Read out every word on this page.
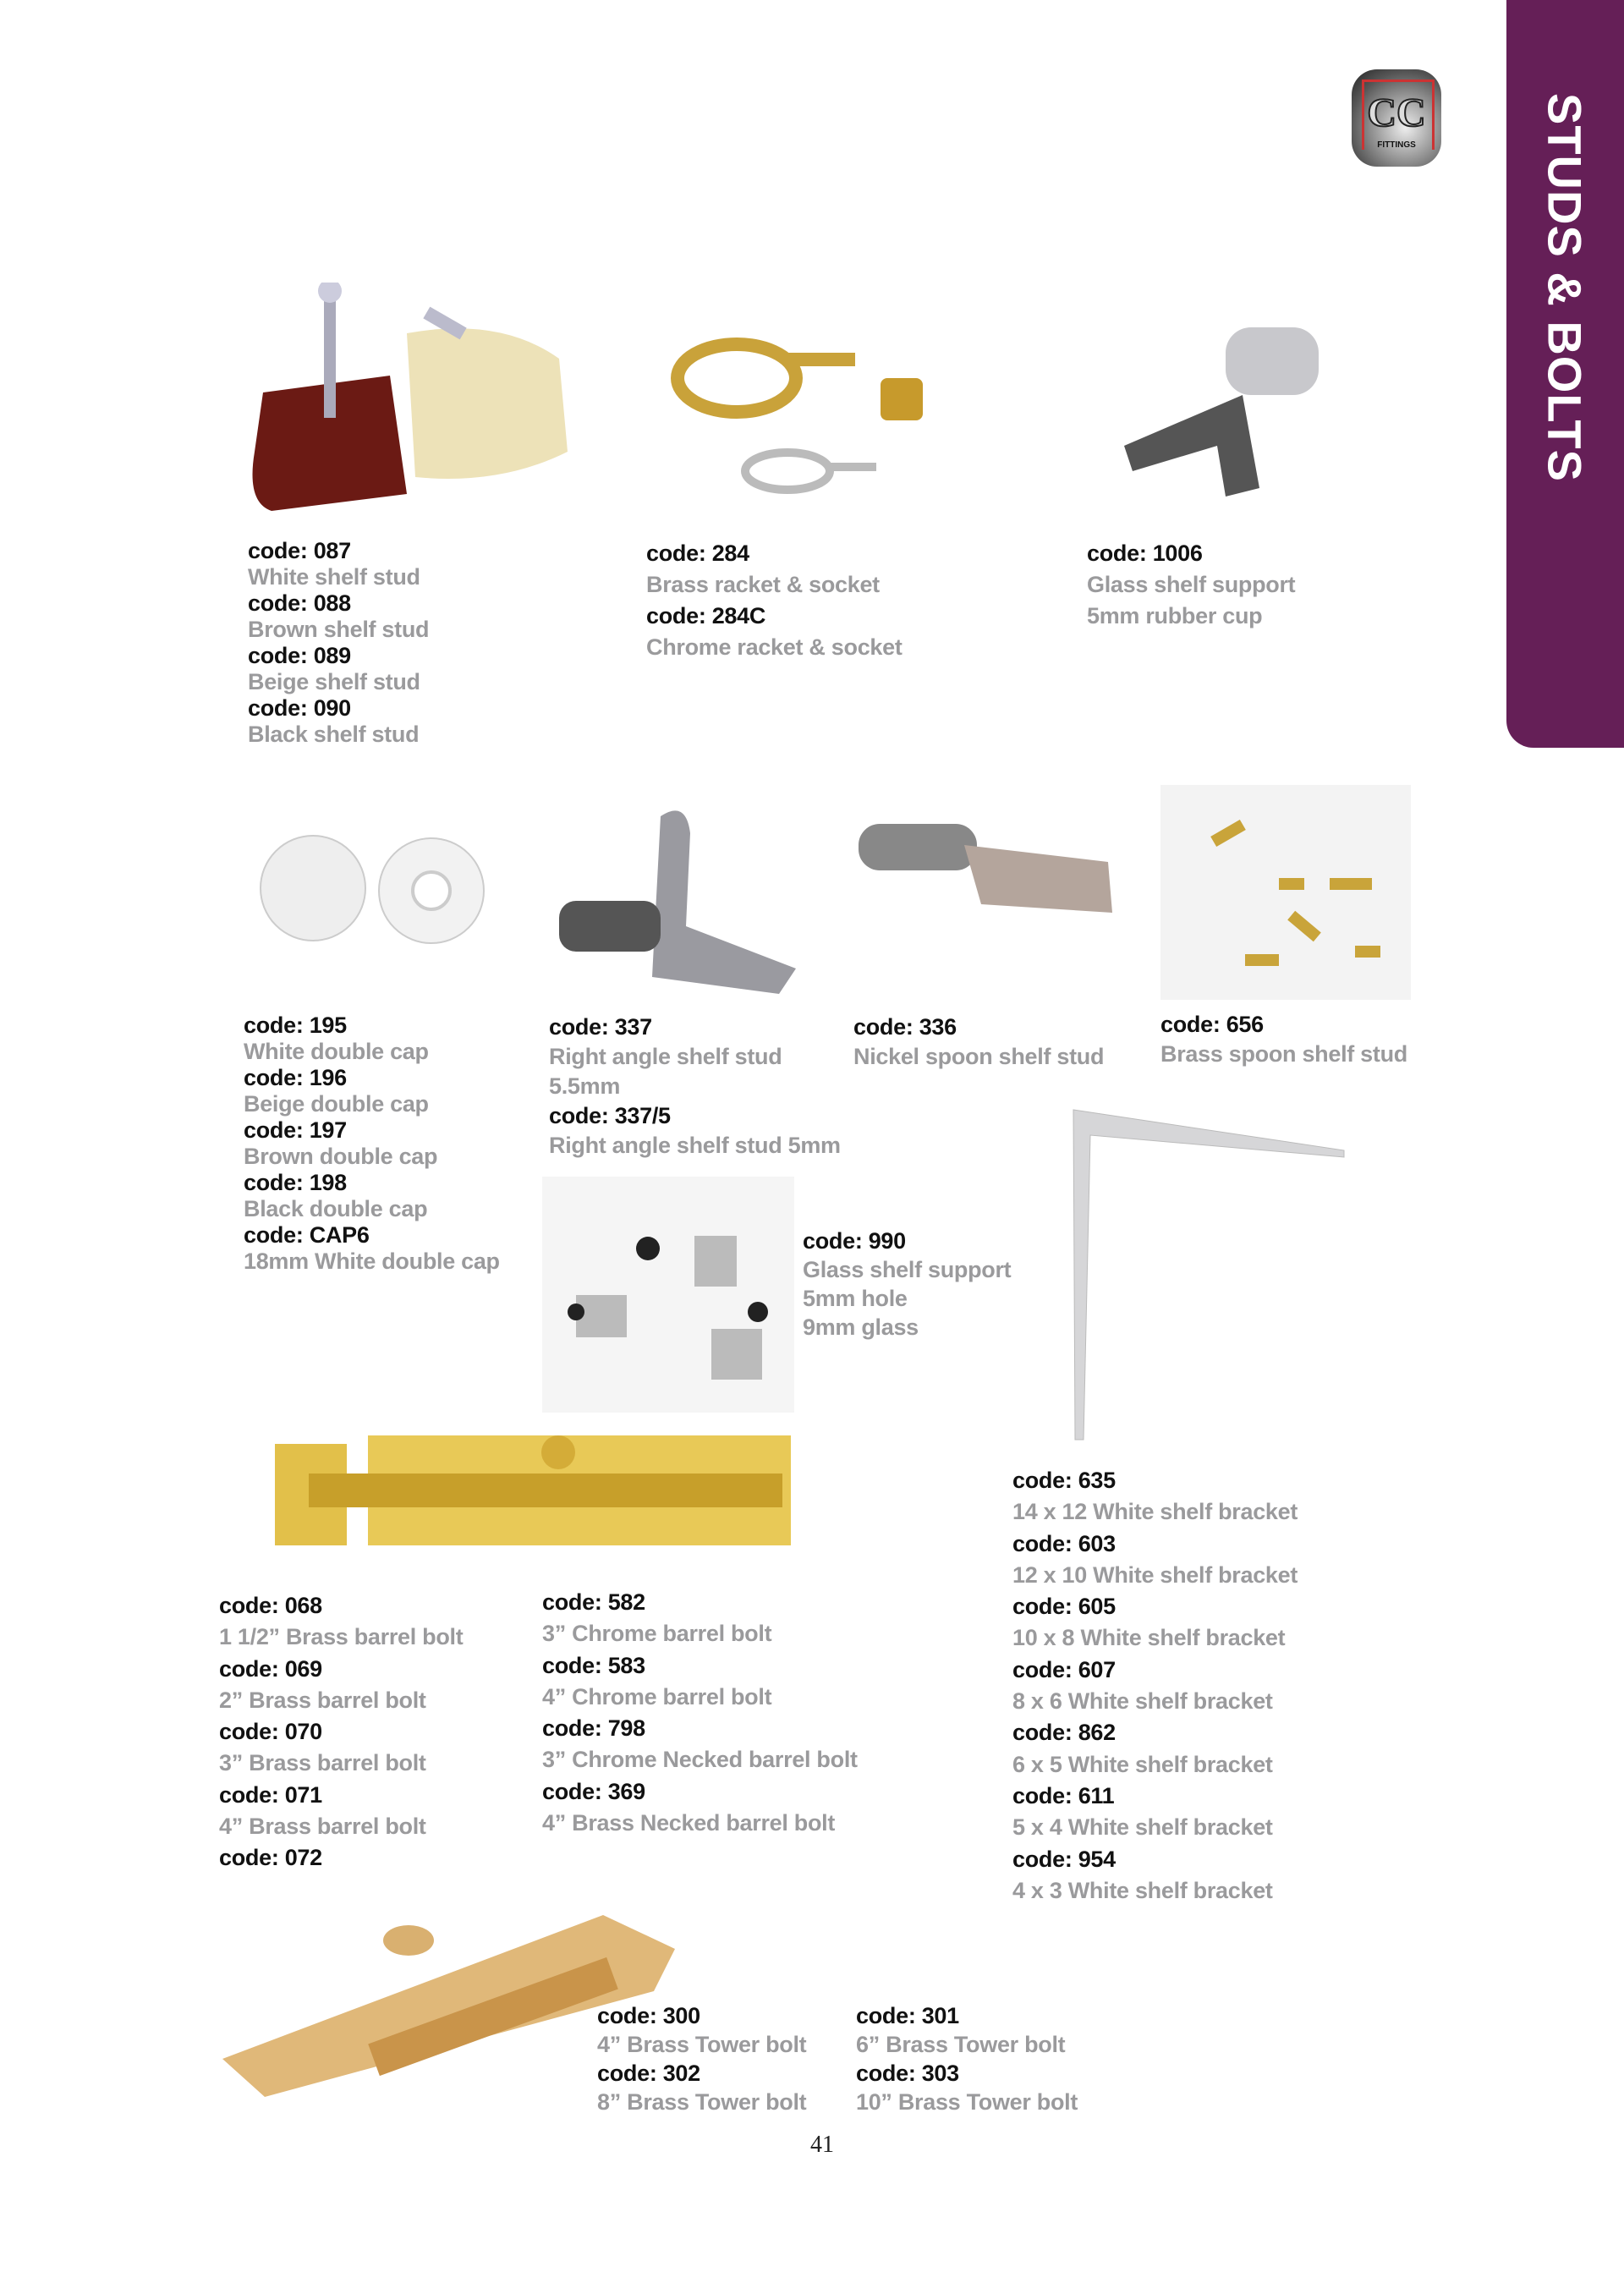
STUDS & BOLTS
CC
FITTINGS
code: 087
White shelf stud
code: 088
Brown shelf stud
code: 089
Beige shelf stud
code: 090
Black shelf stud
code: 284
Brass racket & socket
code: 284C
Chrome racket & socket
code: 1006
Glass shelf support
5mm rubber cup
code: 195
White double cap
code: 196
Beige double cap
code: 197
Brown double cap
code: 198
Black double cap
code: CAP6
18mm White double cap
code: 337
Right angle shelf stud
5.5mm
code: 337/5
Right angle shelf stud 5mm
code: 336
Nickel spoon shelf stud
code: 656
Brass spoon shelf stud
code: 990
Glass shelf support
5mm hole
9mm glass
code: 635
14 x 12 White shelf bracket
code: 603
12 x 10 White shelf bracket
code: 605
10 x 8 White shelf bracket
code: 607
8 x 6 White shelf bracket
code: 862
6 x 5 White shelf bracket
code: 611
5 x 4 White shelf bracket
code: 954
4 x 3 White shelf bracket
code: 068
1 1/2” Brass barrel bolt
code: 069
2” Brass barrel bolt
code: 070
3” Brass barrel bolt
code: 071
4” Brass barrel bolt
code: 072
code: 582
3” Chrome barrel bolt
code: 583
4” Chrome barrel bolt
code: 798
3” Chrome Necked barrel bolt
code: 369
4” Brass Necked barrel bolt
code: 300
4” Brass Tower bolt
code: 302
8” Brass Tower bolt
code: 301
6” Brass Tower bolt
code: 303
10” Brass Tower bolt
41
